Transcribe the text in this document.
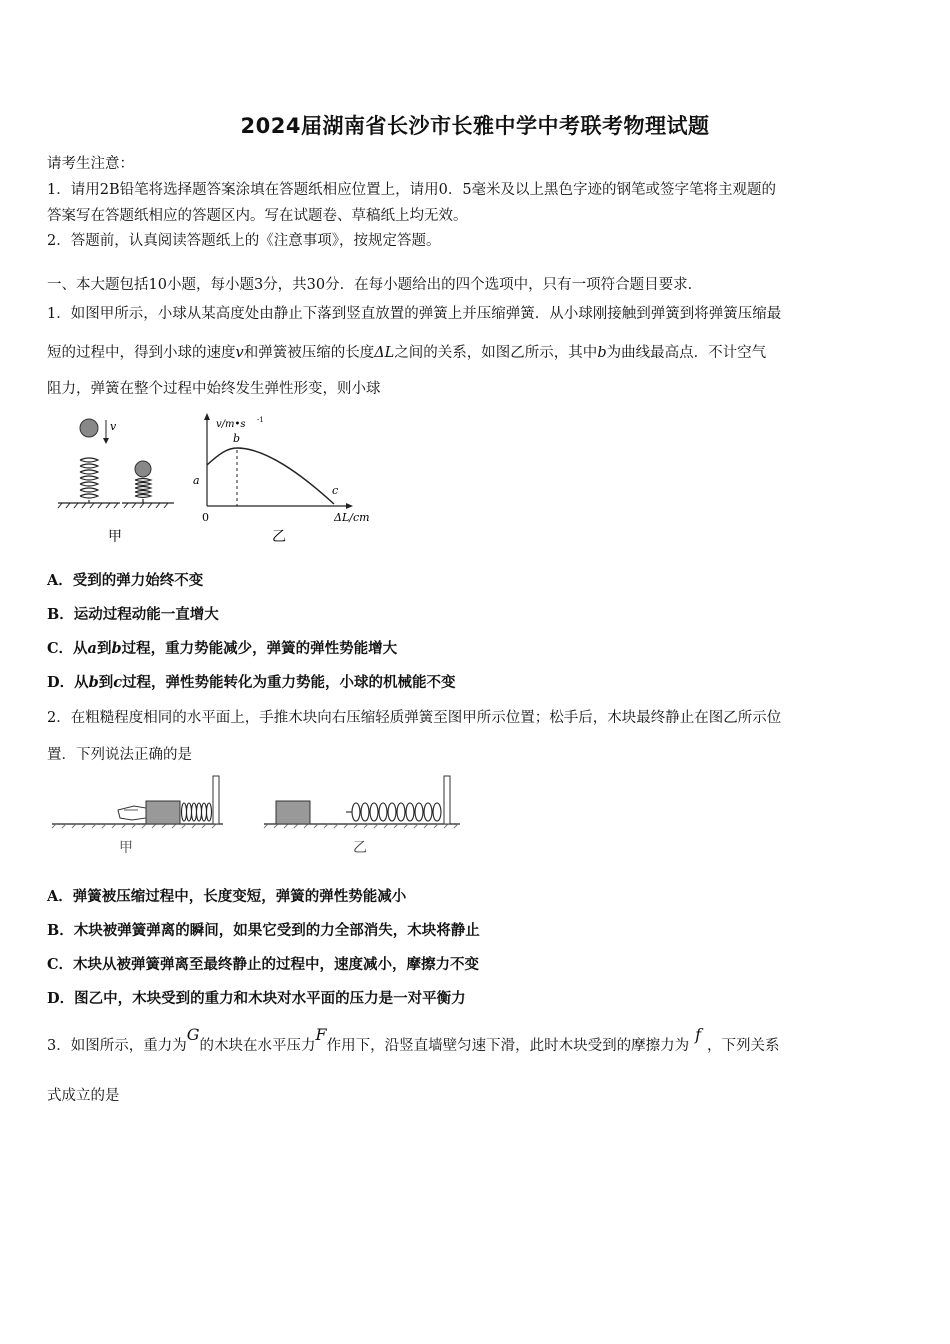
2024届湖南省长沙市长雅中学中考联考物理试题
请考生注意：
1．请用2B铅笔将选择题答案涂填在答题纸相应位置上，请用0．5毫米及以上黑色字迹的钢笔或签字笔将主观题的
答案写在答题纸相应的答题区内。写在试题卷、草稿纸上均无效。
2．答题前，认真阅读答题纸上的《注意事项》，按规定答题。
一、本大题包括10小题，每小题3分，共30分．在每小题给出的四个选项中，只有一项符合题目要求．
1．如图甲所示，小球从某高度处由静止下落到竖直放置的弹簧上并压缩弹簧．从小球刚接触到弹簧到将弹簧压缩最
短的过程中，得到小球的速度v和弹簧被压缩的长度ΔL之间的关系，如图乙所示，其中b为曲线最高点．不计空气
阻力，弹簧在整个过程中始终发生弹性形变，则小球
v
甲
v/m•s -1
ΔL/cm
0
a
b
c
乙
A．受到的弹力始终不变
B．运动过程动能一直增大
C．从a到b过程，重力势能减少，弹簧的弹性势能增大
D．从b到c过程，弹性势能转化为重力势能，小球的机械能不变
2．在粗糙程度相同的水平面上，手推木块向右压缩轻质弹簧至图甲所示位置；松手后，木块最终静止在图乙所示位
置．下列说法正确的是
甲	乙
A．弹簧被压缩过程中，长度变短，弹簧的弹性势能减小
B．木块被弹簧弹离的瞬间，如果它受到的力全部消失，木块将静止
C．木块从被弹簧弹离至最终静止的过程中，速度减小，摩擦力不变
D．图乙中，木块受到的重力和木块对水平面的压力是一对平衡力
3．如图所示，重力为G的木块在水平压力F作用下，沿竖直墙壁匀速下滑，此时木块受到的摩擦力为f，下列关系
式成立的是
